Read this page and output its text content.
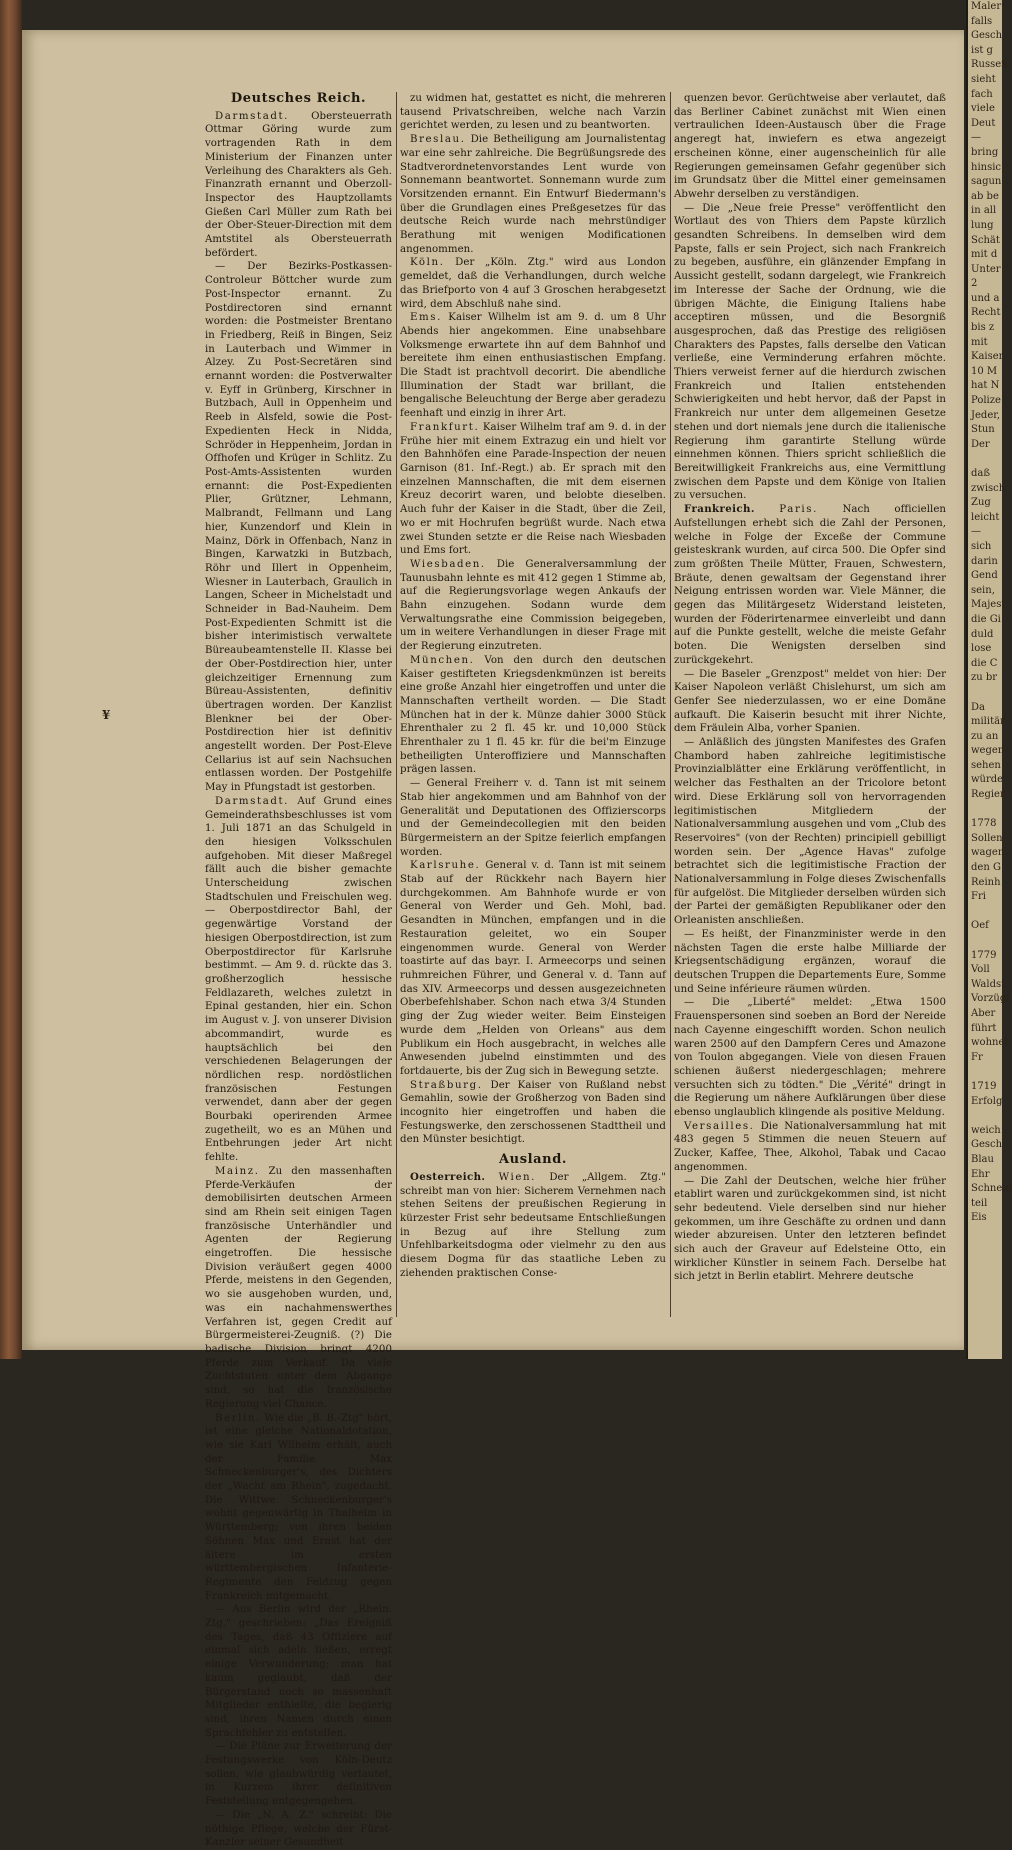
¥
Deutsches Reich.

Darmstadt. Obersteuerrath Ottmar Göring wurde zum vortragenden Rath in dem Ministerium der Finanzen unter Verleihung des Charakters als Geh. Finanzrath ernannt und Oberzoll-Inspector des Hauptzollamts Gießen Carl Müller zum Rath bei der Ober-Steuer-Direction mit dem Amtstitel als Obersteuerrath befördert.

— Der Bezirks-Postkassen-Controleur Böttcher wurde zum Post-Inspector ernannt. Zu Postdirectoren sind ernannt worden: die Postmeister Brentano in Friedberg, Reiß in Bingen, Seiz in Lauterbach und Wimmer in Alzey. Zu Post-Secretären sind ernannt worden: die Postverwalter v. Eyff in Grünberg, Kirschner in Butzbach, Aull in Oppenheim und Reeb in Alsfeld, sowie die Post-Expedienten Heck in Nidda, Schröder in Heppenheim, Jordan in Offhofen und Krüger in Schlitz. Zu Post-Amts-Assistenten wurden ernannt: die Post-Expedienten Plier, Grützner, Lehmann, Malbrandt, Fellmann und Lang hier, Kunzendorf und Klein in Mainz, Dörk in Offenbach, Nanz in Bingen, Karwatzki in Butzbach, Röhr und Illert in Oppenheim, Wiesner in Lauterbach, Graulich in Langen, Scheer in Michelstadt und Schneider in Bad-Nauheim. Dem Post-Expedienten Schmitt ist die bisher interimistisch verwaltete Büreaubeamtenstelle II. Klasse bei der Ober-Postdirection hier, unter gleichzeitiger Ernennung zum Büreau-Assistenten, definitiv übertragen worden. Der Kanzlist Blenkner bei der Ober-Postdirection hier ist definitiv angestellt worden. Der Post-Eleve Cellarius ist auf sein Nachsuchen entlassen worden. Der Postgehilfe May in Pfungstadt ist gestorben.

Darmstadt. Auf Grund eines Gemeinderathsbeschlusses ist vom 1. Juli 1871 an das Schulgeld in den hiesigen Volksschulen aufgehoben. Mit dieser Maßregel fällt auch die bisher gemachte Unterscheidung zwischen Stadtschulen und Freischulen weg. — Oberpostdirector Bahl, der gegenwärtige Vorstand der hiesigen Oberpostdirection, ist zum Oberpostdirector für Karlsruhe bestimmt. — Am 9. d. rückte das 3. großherzoglich hessische Feldlazareth, welches zuletzt in Epinal gestanden, hier ein. Schon im August v. J. von unserer Division abcommandirt, wurde es hauptsächlich bei den verschiedenen Belagerungen der nördlichen resp. nordöstlichen französischen Festungen verwendet, dann aber der gegen Bourbaki operirenden Armee zugetheilt, wo es an Mühen und Entbehrungen jeder Art nicht fehlte.

Mainz. Zu den massenhaften Pferde-Verkäufen der demobilisirten deutschen Armeen sind am Rhein seit einigen Tagen französische Unterhändler und Agenten der Regierung eingetroffen. Die hessische Division veräußert gegen 4000 Pferde, meistens in den Gegenden, wo sie ausgehoben wurden, und, was ein nachahmenswerthes Verfahren ist, gegen Credit auf Bürgermeisterei-Zeugniß. (?) Die badische Division bringt 4200 Pferde zum Verkauf. Da viele Zuchtstuten unter dem Abgange sind, so hat die französische Regierung viel Chance.

Berlin. Wie die „B. B.-Ztg" hört, ist eine gleiche Nationaldotation, wie sie Karl Wilhelm erhält, auch der Familie Max Schneckenburger's, des Dichters der „Wacht am Rhein", zugedacht. Die Wittwe Schneckenburger's wohnt gegenwärtig in Thalheim in Württemberg; von ihren beiden Söhnen Max und Ernst hat der ältere im ersten württembergischen Infanterie-Regimente den Feldzug gegen Frankreich mitgemacht.

— Aus Berlin wird der „Rhein. Ztg." geschrieben: „Das Ereigniß des Tages, daß 43 Offiziere auf einmal sich adeln ließen, erregt einige Verwunderung; man hat kaum geglaubt, daß der Bürgerstand noch so massenhaft Mitglieder enthielte, die begierig sind, ihren Namen durch einen Sprachfehler zu entstellen.

— Die Pläne zur Erweiterung der Festungswerke von Köln-Deutz sollen, wie glaubwürdig verlautet, in Kurzem ihrer definitiven Feststellung entgegengehen.

— Die „N. A. Z." schreibt: Die nöthige Pflege, welche der Fürst-Kanzler seiner Gesundheit

zu widmen hat, gestattet es nicht, die mehreren tausend Privatschreiben, welche nach Varzin gerichtet werden, zu lesen und zu beantworten.

Breslau. Die Betheiligung am Journalistentag war eine sehr zahlreiche. Die Begrüßungsrede des Stadtverordnetenvorstandes Lent wurde von Sonnemann beantwortet. Sonnemann wurde zum Vorsitzenden ernannt. Ein Entwurf Biedermann's über die Grundlagen eines Preßgesetzes für das deutsche Reich wurde nach mehrstündiger Berathung mit wenigen Modificationen angenommen.

Köln. Der „Köln. Ztg." wird aus London gemeldet, daß die Verhandlungen, durch welche das Briefporto von 4 auf 3 Groschen herabgesetzt wird, dem Abschluß nahe sind.

Ems. Kaiser Wilhelm ist am 9. d. um 8 Uhr Abends hier angekommen. Eine unabsehbare Volksmenge erwartete ihn auf dem Bahnhof und bereitete ihm einen enthusiastischen Empfang. Die Stadt ist prachtvoll decorirt. Die abendliche Illumination der Stadt war brillant, die bengalische Beleuchtung der Berge aber geradezu feenhaft und einzig in ihrer Art.

Frankfurt. Kaiser Wilhelm traf am 9. d. in der Frühe hier mit einem Extrazug ein und hielt vor den Bahnhöfen eine Parade-Inspection der neuen Garnison (81. Inf.-Regt.) ab. Er sprach mit den einzelnen Mannschaften, die mit dem eisernen Kreuz decorirt waren, und belobte dieselben. Auch fuhr der Kaiser in die Stadt, über die Zeil, wo er mit Hochrufen begrüßt wurde. Nach etwa zwei Stunden setzte er die Reise nach Wiesbaden und Ems fort.

Wiesbaden. Die Generalversammlung der Taunusbahn lehnte es mit 412 gegen 1 Stimme ab, auf die Regierungsvorlage wegen Ankaufs der Bahn einzugehen. Sodann wurde dem Verwaltungsrathe eine Commission beigegeben, um in weitere Verhandlungen in dieser Frage mit der Regierung einzutreten.

München. Von den durch den deutschen Kaiser gestifteten Kriegsdenkmünzen ist bereits eine große Anzahl hier eingetroffen und unter die Mannschaften vertheilt worden. — Die Stadt München hat in der k. Münze dahier 3000 Stück Ehrenthaler zu 2 fl. 45 kr. und 10,000 Stück Ehrenthaler zu 1 fl. 45 kr. für die bei'm Einzuge betheiligten Unteroffiziere und Mannschaften prägen lassen.

— General Freiherr v. d. Tann ist mit seinem Stab hier angekommen und am Bahnhof von der Generalität und Deputationen des Offizierscorps und der Gemeindecollegien mit den beiden Bürgermeistern an der Spitze feierlich empfangen worden.

Karlsruhe. General v. d. Tann ist mit seinem Stab auf der Rückkehr nach Bayern hier durchgekommen. Am Bahnhofe wurde er von General von Werder und Geh. Mohl, bad. Gesandten in München, empfangen und in die Restauration geleitet, wo ein Souper eingenommen wurde. General von Werder toastirte auf das bayr. I. Armeecorps und seinen ruhmreichen Führer, und General v. d. Tann auf das XIV. Armeecorps und dessen ausgezeichneten Oberbefehlshaber. Schon nach etwa 3/4 Stunden ging der Zug wieder weiter. Beim Einsteigen wurde dem „Helden von Orleans" aus dem Publikum ein Hoch ausgebracht, in welches alle Anwesenden jubelnd einstimmten und des fortdauerte, bis der Zug sich in Bewegung setzte.

Straßburg. Der Kaiser von Rußland nebst Gemahlin, sowie der Großherzog von Baden sind incognito hier eingetroffen und haben die Festungswerke, den zerschossenen Stadttheil und den Münster besichtigt.

Ausland.

Oesterreich. Wien. Der „Allgem. Ztg." schreibt man von hier: Sicherem Vernehmen nach stehen Seitens der preußischen Regierung in kürzester Frist sehr bedeutsame Entschließungen in Bezug auf ihre Stellung zum Unfehlbarkeitsdogma oder vielmehr zu den aus diesem Dogma für das staatliche Leben zu ziehenden praktischen Conse-

quenzen bevor. Gerüchtweise aber verlautet, daß das Berliner Cabinet zunächst mit Wien einen vertraulichen Ideen-Austausch über die Frage angeregt hat, inwiefern es etwa angezeigt erscheinen könne, einer augenscheinlich für alle Regierungen gemeinsamen Gefahr gegenüber sich im Grundsatz über die Mittel einer gemeinsamen Abwehr derselben zu verständigen.

— Die „Neue freie Presse" veröffentlicht den Wortlaut des von Thiers dem Papste kürzlich gesandten Schreibens. In demselben wird dem Papste, falls er sein Project, sich nach Frankreich zu begeben, ausführe, ein glänzender Empfang in Aussicht gestellt, sodann dargelegt, wie Frankreich im Interesse der Sache der Ordnung, wie die übrigen Mächte, die Einigung Italiens habe acceptiren müssen, und die Besorgniß ausgesprochen, daß das Prestige des religiösen Charakters des Papstes, falls derselbe den Vatican verließe, eine Verminderung erfahren möchte. Thiers verweist ferner auf die hierdurch zwischen Frankreich und Italien entstehenden Schwierigkeiten und hebt hervor, daß der Papst in Frankreich nur unter dem allgemeinen Gesetze stehen und dort niemals jene durch die italienische Regierung ihm garantirte Stellung würde einnehmen können. Thiers spricht schließlich die Bereitwilligkeit Frankreichs aus, eine Vermittlung zwischen dem Papste und dem Könige von Italien zu versuchen.

Frankreich. Paris. Nach officiellen Aufstellungen erhebt sich die Zahl der Personen, welche in Folge der Exceße der Commune geisteskrank wurden, auf circa 500. Die Opfer sind zum größten Theile Mütter, Frauen, Schwestern, Bräute, denen gewaltsam der Gegenstand ihrer Neigung entrissen worden war. Viele Männer, die gegen das Militärgesetz Widerstand leisteten, wurden der Föderirtenarmee einverleibt und dann auf die Punkte gestellt, welche die meiste Gefahr boten. Die Wenigsten derselben sind zurückgekehrt.

— Die Baseler „Grenzpost" meldet von hier: Der Kaiser Napoleon verläßt Chislehurst, um sich am Genfer See niederzulassen, wo er eine Domäne aufkauft. Die Kaiserin besucht mit ihrer Nichte, dem Fräulein Alba, vorher Spanien.

— Anläßlich des jüngsten Manifestes des Grafen Chambord haben zahlreiche legitimistische Provinzialblätter eine Erklärung veröffentlicht, in welcher das Festhalten an der Tricolore betont wird. Diese Erklärung soll von hervorragenden legitimistischen Mitgliedern der Nationalversammlung ausgehen und vom „Club des Reservoires" (von der Rechten) principiell gebilligt worden sein. Der „Agence Havas" zufolge betrachtet sich die legitimistische Fraction der Nationalversammlung in Folge dieses Zwischenfalls für aufgelöst. Die Mitglieder derselben würden sich der Partei der gemäßigten Republikaner oder den Orleanisten anschließen.

— Es heißt, der Finanzminister werde in den nächsten Tagen die erste halbe Milliarde der Kriegsentschädigung ergänzen, worauf die deutschen Truppen die Departements Eure, Somme und Seine inférieure räumen würden.

— Die „Liberté" meldet: „Etwa 1500 Frauenspersonen sind soeben an Bord der Nereide nach Cayenne eingeschifft worden. Schon neulich waren 2500 auf den Dampfern Ceres und Amazone von Toulon abgegangen. Viele von diesen Frauen schienen äußerst niedergeschlagen; mehrere versuchten sich zu tödten." Die „Vérité" dringt in die Regierung um nähere Aufklärungen über diese ebenso unglaublich klingende als positive Meldung.

Versailles. Die Nationalversammlung hat mit 483 gegen 5 Stimmen die neuen Steuern auf Zucker, Kaffee, Thee, Alkohol, Tabak und Cacao angenommen.

— Die Zahl der Deutschen, welche hier früher etablirt waren und zurückgekommen sind, ist nicht sehr bedeutend. Viele derselben sind nur hieher gekommen, um ihre Geschäfte zu ordnen und dann wieder abzureisen. Unter den letzteren befindet sich auch der Graveur auf Edelsteine Otto, ein wirklicher Künstler in seinem Fach. Derselbe hat sich jetzt in Berlin etablirt. Mehrere deutsche

Maler
falls
Gesch
ist g
Russen
sieht
fach
viele
Deut
—
bring
hinsic
sagun
ab be
in all
lung
Schät
mit d
Unter
2
und a
Recht
bis z
mit
Kaiser
10 M
hat N
Polize
Jeder,
Stun
Der

daß
zwisch
Zug
leicht
—
sich
darin
Gend
sein,
Majest
die Gi
duld
lose
die C
zu br

Da
militär
zu an
wegen
sehen
würde
Regier

1778
Sollen
wagen
den G
Reinh
Fri

Oef

1779
Voll
Waldst
Vorzügl
Aber
führt
wohner
Fr

1719
Erfolg

weich
Gesch
Blau
Ehr
Schneid
teil
Eis
